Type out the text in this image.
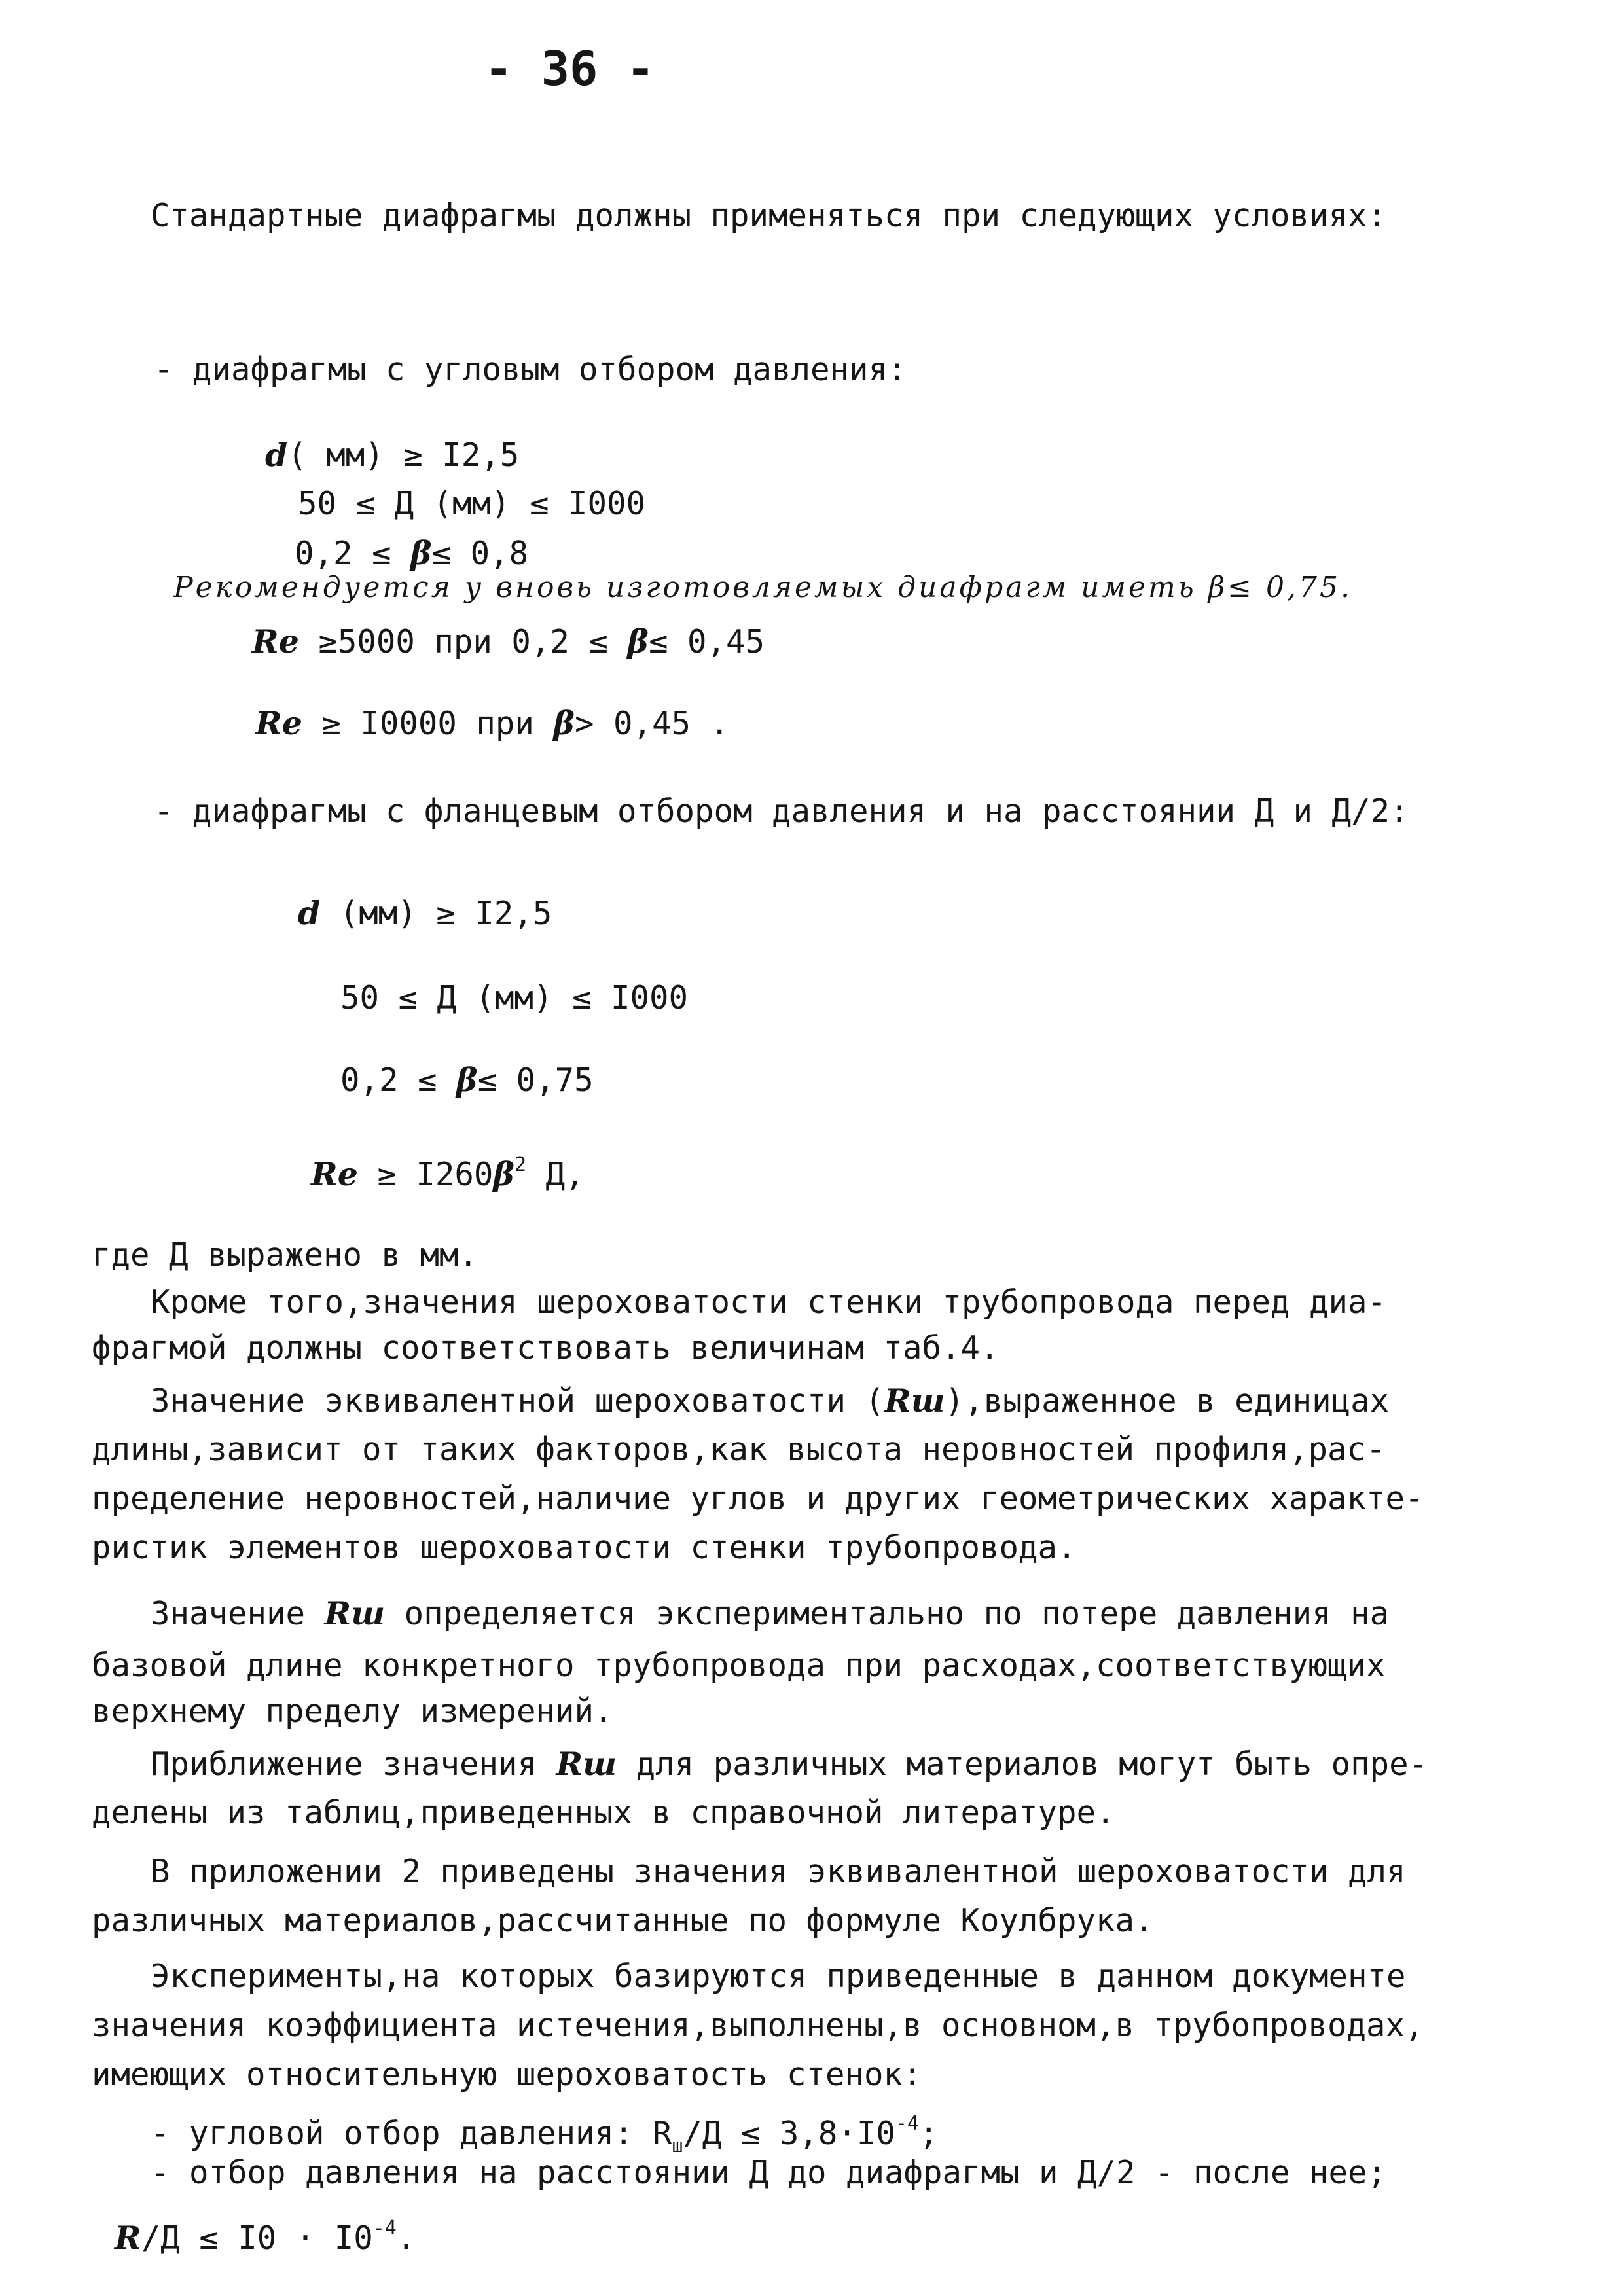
- 36 -
Стандартные диафрагмы должны применяться при следующих условиях:
- диафрагмы с угловым отбором давления:
d( мм) ≥ I2,5
50 ≤ Д (мм) ≤ I000
0,2 ≤ β≤ 0,8
Рекомендуется у вновь изготовляемых диафрагм иметь β≤ 0,75.
Re ≥5000 при 0,2 ≤ β≤ 0,45
Re ≥ I0000 при β> 0,45 .
- диафрагмы с фланцевым отбором давления и на расстоянии Д и Д/2:
d (мм) ≥ I2,5
50 ≤ Д (мм) ≤ I000
0,2 ≤ β≤ 0,75
$Re \ge I260\beta^2$ Д,
где Д выражено в мм.
Кроме того,значения шероховатости стенки трубопровода перед диа-
фрагмой должны соответствовать величинам таб.4.
Значение эквивалентной шероховатости (Rш),выраженное в единицах
длины,зависит от таких факторов,как высота неровностей профиля,рас-
пределение неровностей,наличие углов и других геометрических характе-
ристик элементов шероховатости стенки трубопровода.
Значение Rш определяется экспериментально по потере давления на
базовой длине конкретного трубопровода при расходах,соответствующих
верхнему пределу измерений.
Приближение значения Rш для различных материалов могут быть опре-
делены из таблиц,приведенных в справочной литературе.
В приложении 2 приведены значения эквивалентной шероховатости для
различных материалов,рассчитанные по формуле Коулбрука.
Эксперименты,на которых базируются приведенные в данном документе
значения коэффициента истечения,выполнены,в основном,в трубопроводах,
имеющих относительную шероховатость стенок:
- угловой отбор давления: $R_ш/Д \le 3,8\cdot I0^{-4}$;
- отбор давления на расстоянии Д до диафрагмы и Д/2 - после нее;
$R/Д \le I0 \cdot I0^{-4}$.
